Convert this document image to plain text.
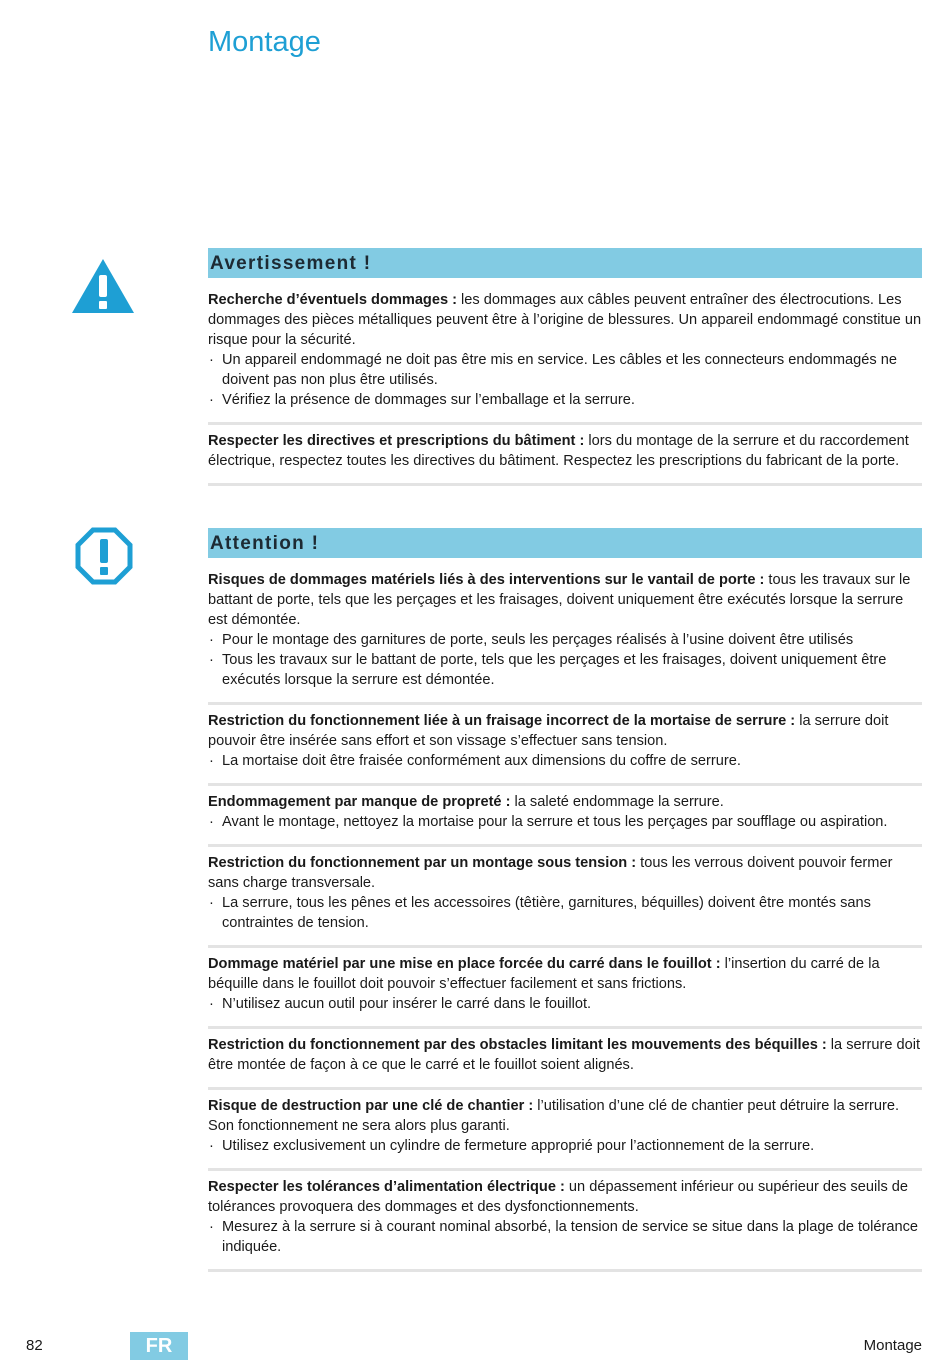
Montage
Avertissement !

Recherche d’éventuels dommages : les dommages aux câbles peuvent entraîner des électrocutions. Les dommages des pièces métalliques peuvent être à l’origine de blessures. Un appareil endommagé constitue un risque pour la sécurité.

· Un appareil endommagé ne doit pas être mis en service. Les câbles et les connecteurs endommagés ne doivent pas non plus être utilisés.

· Vérifiez la présence de dommages sur l’emballage et la serrure.

Respecter les directives et prescriptions du bâtiment : lors du montage de la serrure et du raccordement électrique, respectez toutes les directives du bâtiment. Respectez les prescriptions du fabricant de la porte.

Attention !

Risques de dommages matériels liés à des interventions sur le vantail de porte : tous les travaux sur le battant de porte, tels que les perçages et les fraisages, doivent uniquement être exécutés lorsque la serrure est démontée.

· Pour le montage des garnitures de porte, seuls les perçages réalisés à l’usine doivent être utilisés

· Tous les travaux sur le battant de porte, tels que les perçages et les fraisages, doivent uniquement être exécutés lorsque la serrure est démontée.

Restriction du fonctionnement liée à un fraisage incorrect de la mortaise de serrure : la serrure doit pouvoir être insérée sans effort et son vissage s’effectuer sans tension.

· La mortaise doit être fraisée conformément aux dimensions du coffre de serrure.

Endommagement par manque de propreté : la saleté endommage la serrure.

· Avant le montage, nettoyez la mortaise pour la serrure et tous les perçages par soufflage ou aspiration.

Restriction du fonctionnement par un montage sous tension : tous les verrous doivent pouvoir fermer sans charge transversale.

· La serrure, tous les pênes et les accessoires (têtière, garnitures, béquilles) doivent être montés sans contraintes de tension.

Dommage matériel par une mise en place forcée du carré dans le fouillot : l’insertion du carré de la béquille dans le fouillot doit pouvoir s’effectuer facilement et sans frictions.

· N’utilisez aucun outil pour insérer le carré dans le fouillot.

Restriction du fonctionnement par des obstacles limitant les mouvements des béquilles : la serrure doit être montée de façon à ce que le carré et le fouillot soient alignés.

Risque de destruction par une clé de chantier : l’utilisation d’une clé de chantier peut détruire la serrure. Son fonctionnement ne sera alors plus garanti.

· Utilisez exclusivement un cylindre de fermeture approprié pour l’actionnement de la serrure.

Respecter les tolérances d’alimentation électrique : un dépassement inférieur ou supérieur des seuils de tolérances provoquera des dommages et des dysfonctionnements.

· Mesurez à la serrure si à courant nominal absorbé, la tension de service se situe dans la plage de tolérance indiquée.

82	FR	Montage
